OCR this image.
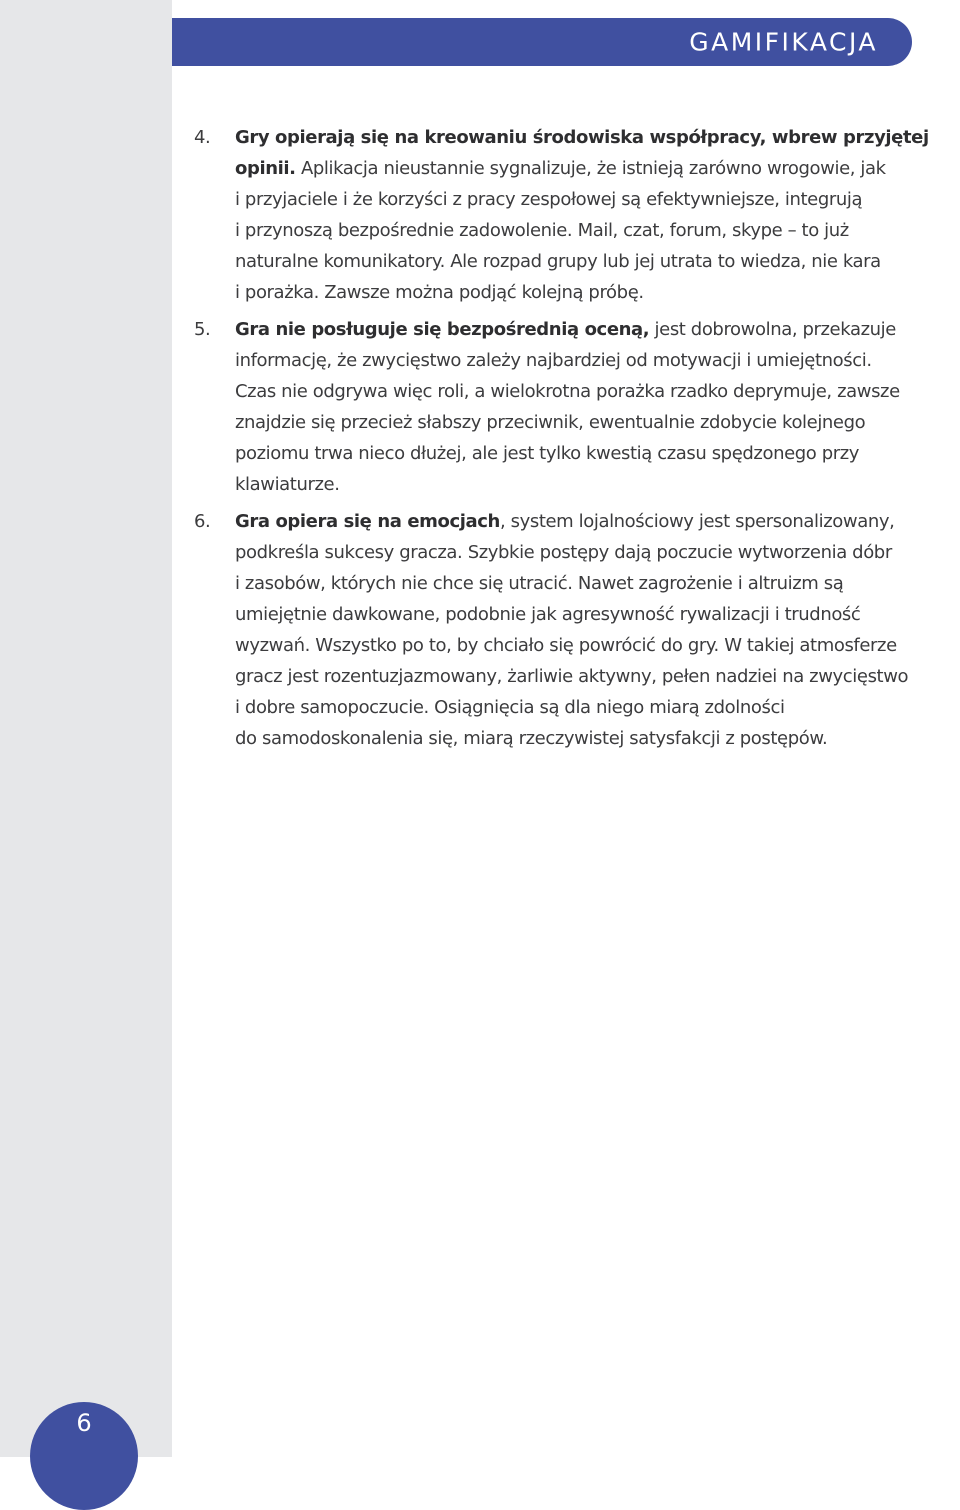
GAMIFIKACJA
4. Gry opierają się na kreowaniu środowiska współpracy, wbrew przyjętej
opinii. Aplikacja nieustannie sygnalizuje, że istnieją zarówno wrogowie, jak
i przyjaciele i że korzyści z pracy zespołowej są efektywniejsze, integrują
i przynoszą bezpośrednie zadowolenie. Mail, czat, forum, skype – to już
naturalne komunikatory. Ale rozpad grupy lub jej utrata to wiedza, nie kara
i porażka. Zawsze można podjąć kolejną próbę.
5. Gra nie posługuje się bezpośrednią oceną, jest dobrowolna, przekazuje
informację, że zwycięstwo zależy najbardziej od motywacji i umiejętności.
Czas nie odgrywa więc roli, a wielokrotna porażka rzadko deprymuje, zawsze
znajdzie się przecież słabszy przeciwnik, ewentualnie zdobycie kolejnego
poziomu trwa nieco dłużej, ale jest tylko kwestią czasu spędzonego przy
klawiaturze.
6. Gra opiera się na emocjach, system lojalnościowy jest spersonalizowany,
podkreśla sukcesy gracza. Szybkie postępy dają poczucie wytworzenia dóbr
i zasobów, których nie chce się utracić. Nawet zagrożenie i altruizm są
umiejętnie dawkowane, podobnie jak agresywność rywalizacji i trudność
wyzwań. Wszystko po to, by chciało się powrócić do gry. W takiej atmosferze
gracz jest rozentuzjazmowany, żarliwie aktywny, pełen nadziei na zwycięstwo
i dobre samopoczucie. Osiągnięcia są dla niego miarą zdolności
do samodoskonalenia się, miarą rzeczywistej satysfakcji z postępów.
6
